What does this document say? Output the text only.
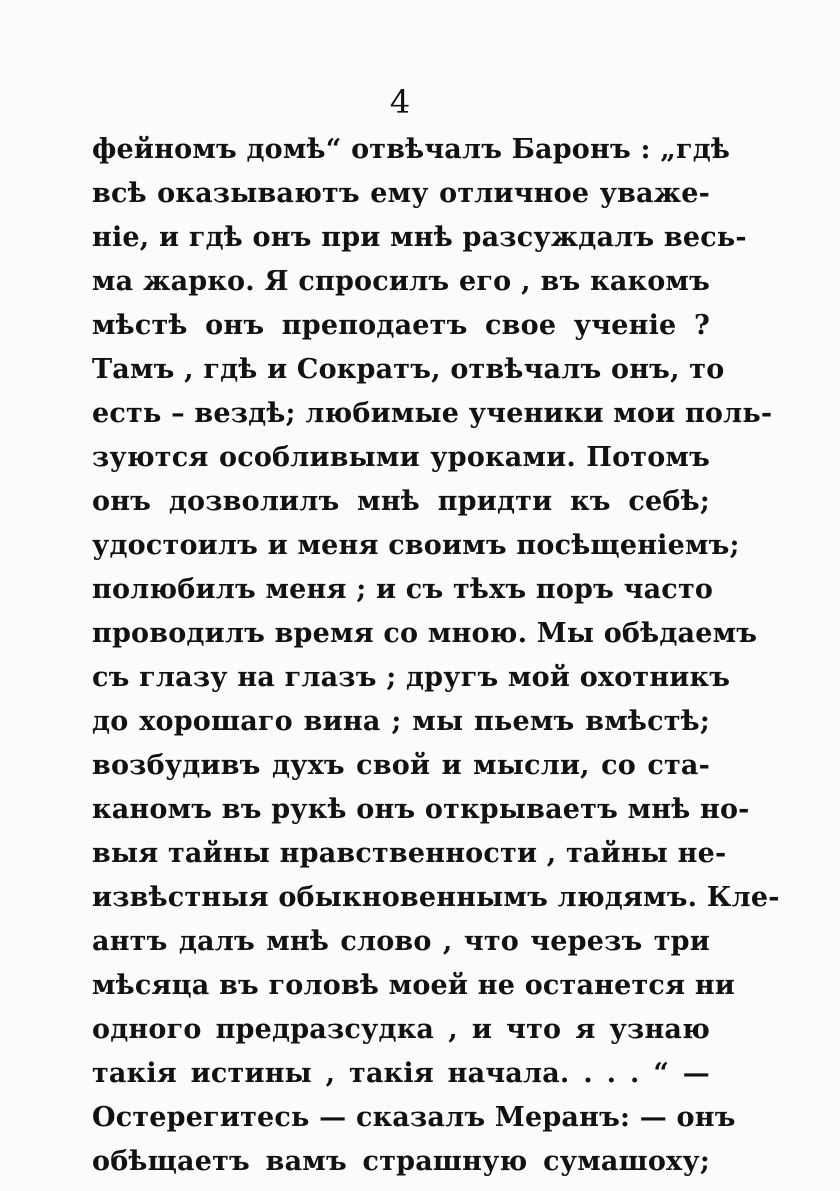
4
фейномъ домѣ“ отвѣчалъ Баронъ : „гдѣ
всѣ оказываютъ ему отличное уваже-
ніе, и гдѣ онъ при мнѣ разсуждалъ весь-
ма жарко. Я спросилъ его , въ какомъ
мѣстѣ онъ преподаетъ свое ученіе ?
Тамъ , гдѣ и Сократъ, отвѣчалъ онъ, то
есть – вездѣ; любимые ученики мои поль-
зуются особливыми уроками. Потомъ
онъ дозволилъ мнѣ придти къ себѣ;
удостоилъ и меня своимъ посѣщеніемъ;
полюбилъ меня ; и съ тѣхъ поръ часто
проводилъ время со мною. Мы обѣдаемъ
съ глазу на глазъ ; другъ мой охотникъ
до хорошаго вина ; мы пьемъ вмѣстѣ;
возбудивъ духъ свой и мысли, со ста-
каномъ въ рукѣ онъ открываетъ мнѣ но-
выя тайны нравственности , тайны не-
извѣстныя обыкновеннымъ людямъ. Кле-
антъ далъ мнѣ слово , что черезъ три
мѣсяца въ головѣ моей не останется ни
одного предразсудка , и что я узнаю
такія истины , такія начала. . . . “ —
Остерегитесь — сказалъ Меранъ: — онъ
обѣщаетъ вамъ страшную сумашоху;
